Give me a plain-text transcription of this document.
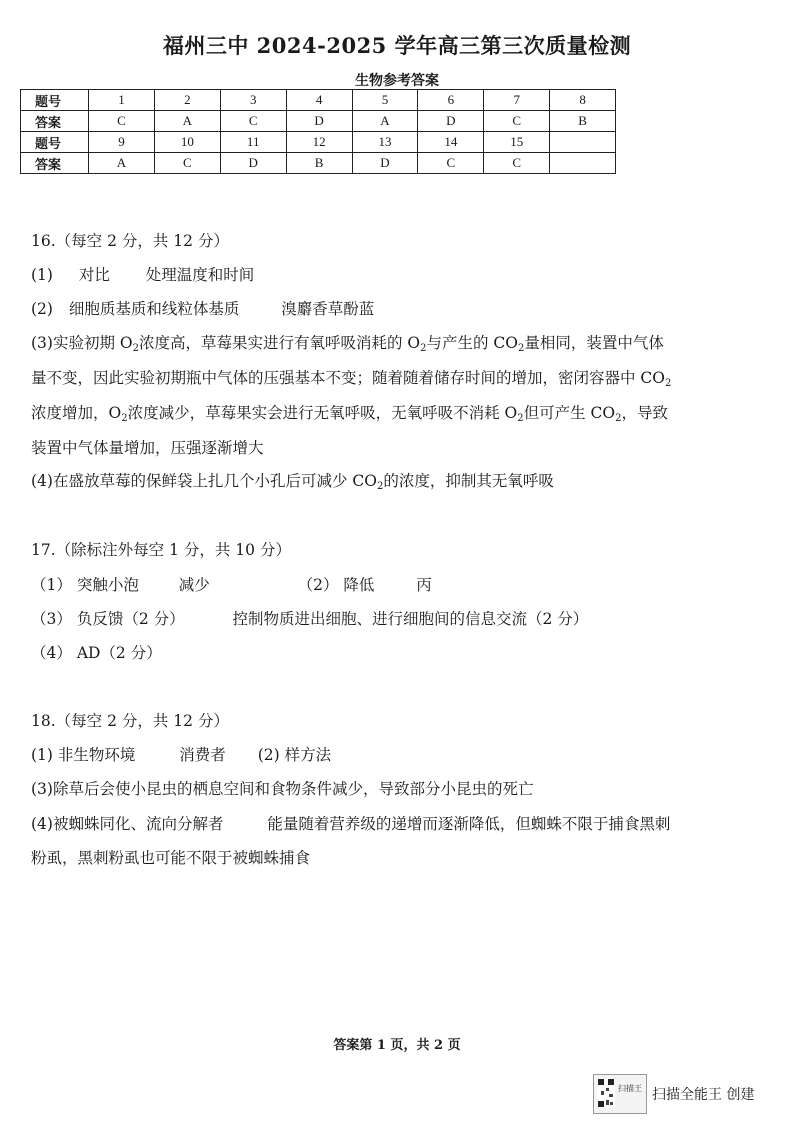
福州三中 2024-2025 学年高三第三次质量检测
生物参考答案
题号	1	2	3	4	5	6	7	8
答案	C	A	C	D	A	D	C	B
题号	9	10	11	12	13	14	15	
答案	A	C	D	B	D	C	C	
16.（每空 2 分，共 12 分）
(1) 对比 处理温度和时间
(2) 细胞质基质和线粒体基质	溴麝香草酚蓝
(3)实验初期 $O_2$浓度高，草莓果实进行有氧呼吸消耗的 $O_2$与产生的 $CO_2$量相同，装置中气体
量不变，因此实验初期瓶中气体的压强基本不变；随着随着储存时间的增加，密闭容器中 $CO_2$
浓度增加，$O_2$浓度减少，草莓果实会进行无氧呼吸，无氧呼吸不消耗 $O_2$但可产生 $CO_2$，导致
装置中气体量增加，压强逐渐增大
(4)在盛放草莓的保鲜袋上扎几个小孔后可减少 $CO_2$的浓度，抑制其无氧呼吸
17.（除标注外每空 1 分，共 10 分）
（1） 突触小泡	减少	（2） 降低	丙
（3） 负反馈（2 分）	控制物质进出细胞、进行细胞间的信息交流（2 分）
（4） AD（2 分）
18.（每空 2 分，共 12 分）
(1) 非生物环境	消费者 (2) 样方法
(3)除草后会使小昆虫的栖息空间和食物条件减少，导致部分小昆虫的死亡
(4)被蜘蛛同化、流向分解者	能量随着营养级的递增而逐渐降低，但蜘蛛不限于捕食黑刺
粉虱，黑刺粉虱也可能不限于被蜘蛛捕食
答案第 1 页，共 2 页
扫描王 扫描全能王 创建
